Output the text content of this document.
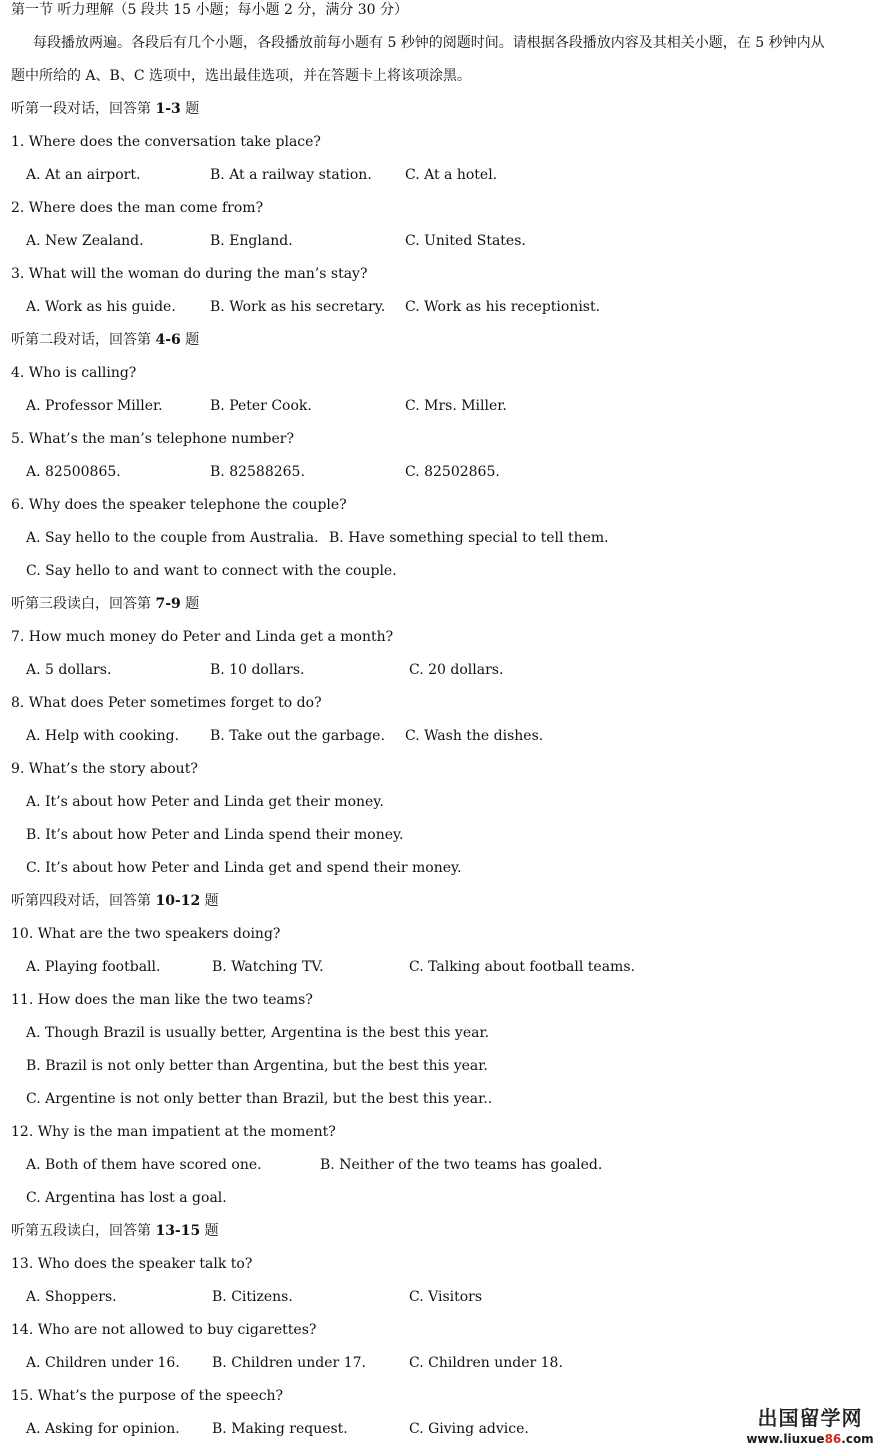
第一节 听力理解（5 段共 15 小题；每小题 2 分，满分 30 分）
每段播放两遍。各段后有几个小题，各段播放前每小题有 5 秒钟的阅题时间。请根据各段播放内容及其相关小题，在 5 秒钟内从
题中所给的 A、B、C 选项中，选出最佳选项，并在答题卡上将该项涂黑。
听第一段对话，回答第 1-3 题
1. Where does the conversation take place?
A. At an airport.	B. At a railway station. C. At a hotel.
2. Where does the man come from?
A. New Zealand.	B. England.	C. United States.
3. What will the woman do during the man’s stay?
A. Work as his guide. B. Work as his secretary. C. Work as his receptionist.
听第二段对话，回答第 4-6 题
4. Who is calling?
A. Professor Miller.	B. Peter Cook.	C. Mrs. Miller.
5. What’s the man’s telephone number?
A. 82500865.	B. 82588265.	C. 82502865.
6. Why does the speaker telephone the couple?
A. Say hello to the couple from Australia. B. Have something special to tell them.
C. Say hello to and want to connect with the couple.
听第三段读白，回答第 7-9 题
7. How much money do Peter and Linda get a month?
A. 5 dollars.	B. 10 dollars.	C. 20 dollars.
8. What does Peter sometimes forget to do?
A. Help with cooking. B. Take out the garbage. C. Wash the dishes.
9. What’s the story about?
A. It’s about how Peter and Linda get their money.
B. It’s about how Peter and Linda spend their money.
C. It’s about how Peter and Linda get and spend their money.
听第四段对话，回答第 10-12 题
10. What are the two speakers doing?
A. Playing football.	B. Watching TV.	C. Talking about football teams.
11. How does the man like the two teams?
A. Though Brazil is usually better, Argentina is the best this year.
B. Brazil is not only better than Argentina, but the best this year.
C. Argentine is not only better than Brazil, but the best this year..
12. Why is the man impatient at the moment?
A. Both of them have scored one.	B. Neither of the two teams has goaled.
C. Argentina has lost a goal.
听第五段读白，回答第 13-15 题
13. Who does the speaker talk to?
A. Shoppers.	B. Citizens.	C. Visitors
14. Who are not allowed to buy cigarettes?
A. Children under 16. B. Children under 17.	C. Children under 18.
15. What’s the purpose of the speech?
A. Asking for opinion. B. Making request.	C. Giving advice.	出国留学网
www.liuxue86.com
